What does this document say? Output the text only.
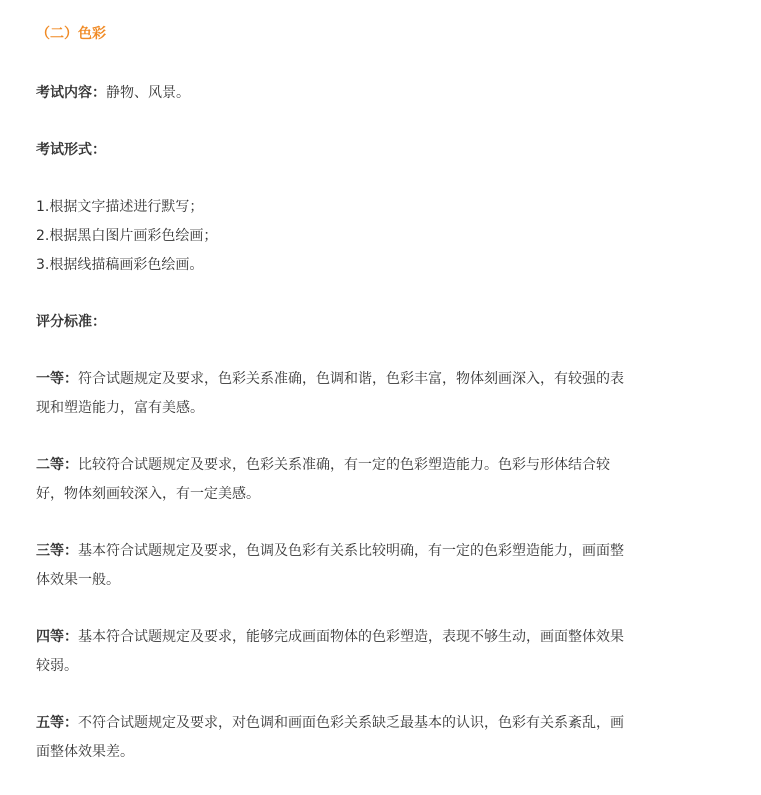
（二）色彩

考试内容：静物、风景。

考试形式：

1.根据文字描述进行默写；

2.根据黑白图片画彩色绘画；

3.根据线描稿画彩色绘画。

评分标准：

一等：符合试题规定及要求，色彩关系准确，色调和谐，色彩丰富，物体刻画深入，有较强的表

现和塑造能力，富有美感。

二等：比较符合试题规定及要求，色彩关系准确，有一定的色彩塑造能力。色彩与形体结合较

好，物体刻画较深入，有一定美感。

三等：基本符合试题规定及要求，色调及色彩有关系比较明确，有一定的色彩塑造能力，画面整

体效果一般。

四等：基本符合试题规定及要求，能够完成画面物体的色彩塑造，表现不够生动，画面整体效果

较弱。

五等：不符合试题规定及要求，对色调和画面色彩关系缺乏最基本的认识，色彩有关系紊乱，画

面整体效果差。
